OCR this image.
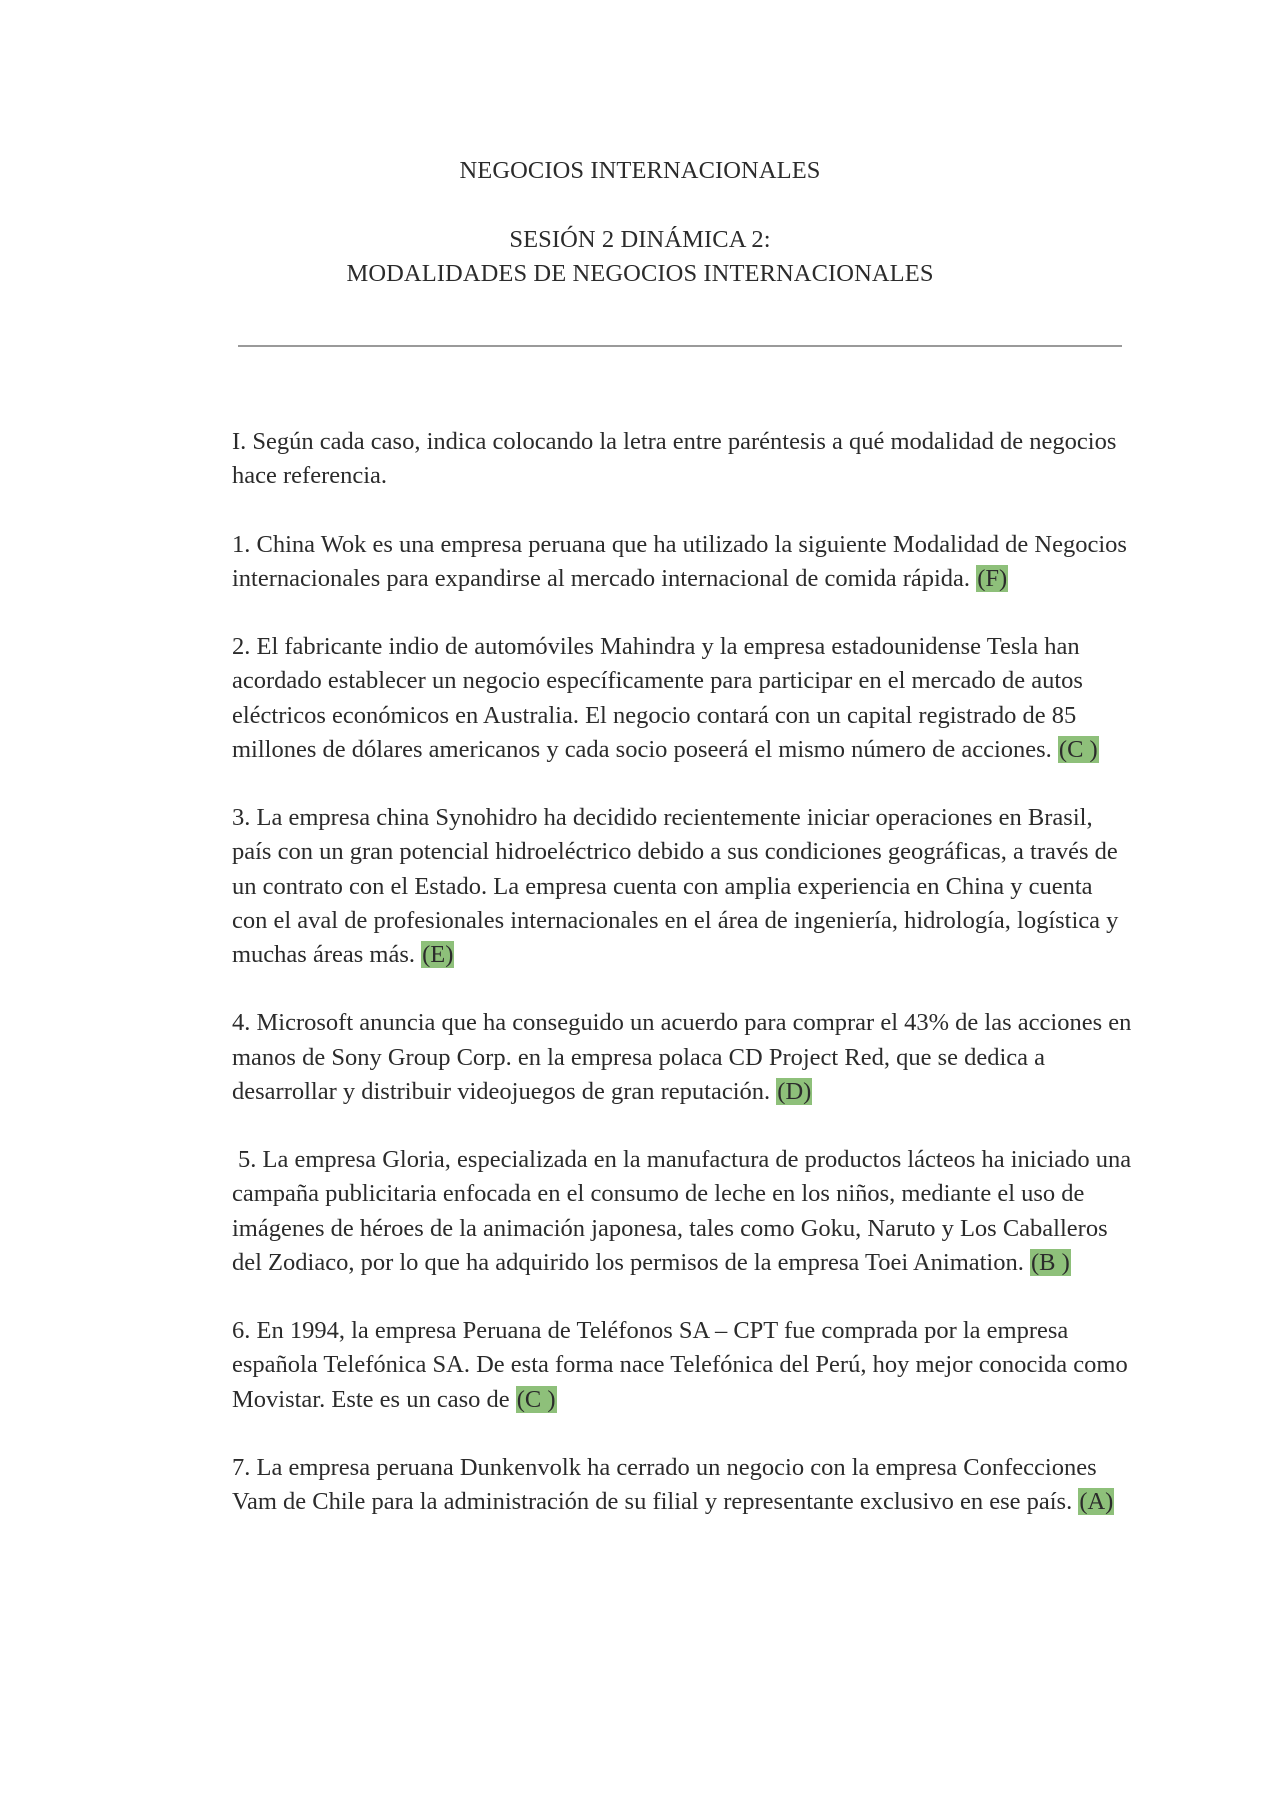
NEGOCIOS INTERNACIONALES
SESIÓN 2 DINÁMICA 2:
MODALIDADES DE NEGOCIOS INTERNACIONALES

I. Según cada caso, indica colocando la letra entre paréntesis a qué modalidad de negocios hace referencia.

1. China Wok es una empresa peruana que ha utilizado la siguiente Modalidad de Negocios internacionales para expandirse al mercado internacional de comida rápida. (F)

2. El fabricante indio de automóviles Mahindra y la empresa estadounidense Tesla han acordado establecer un negocio específicamente para participar en el mercado de autos eléctricos económicos en Australia. El negocio contará con un capital registrado de 85 millones de dólares americanos y cada socio poseerá el mismo número de acciones. (C )

3. La empresa china Synohidro ha decidido recientemente iniciar operaciones en Brasil, país con un gran potencial hidroeléctrico debido a sus condiciones geográficas, a través de un contrato con el Estado. La empresa cuenta con amplia experiencia en China y cuenta con el aval de profesionales internacionales en el área de ingeniería, hidrología, logística y muchas áreas más. (E)

4. Microsoft anuncia que ha conseguido un acuerdo para comprar el 43% de las acciones en manos de Sony Group Corp. en la empresa polaca CD Project Red, que se dedica a desarrollar y distribuir videojuegos de gran reputación. (D)

5. La empresa Gloria, especializada en la manufactura de productos lácteos ha iniciado una campaña publicitaria enfocada en el consumo de leche en los niños, mediante el uso de imágenes de héroes de la animación japonesa, tales como Goku, Naruto y Los Caballeros del Zodiaco, por lo que ha adquirido los permisos de la empresa Toei Animation. (B )

6. En 1994, la empresa Peruana de Teléfonos SA – CPT fue comprada por la empresa española Telefónica SA. De esta forma nace Telefónica del Perú, hoy mejor conocida como Movistar. Este es un caso de (C )

7. La empresa peruana Dunkenvolk ha cerrado un negocio con la empresa Confecciones Vam de Chile para la administración de su filial y representante exclusivo en ese país. (A)
